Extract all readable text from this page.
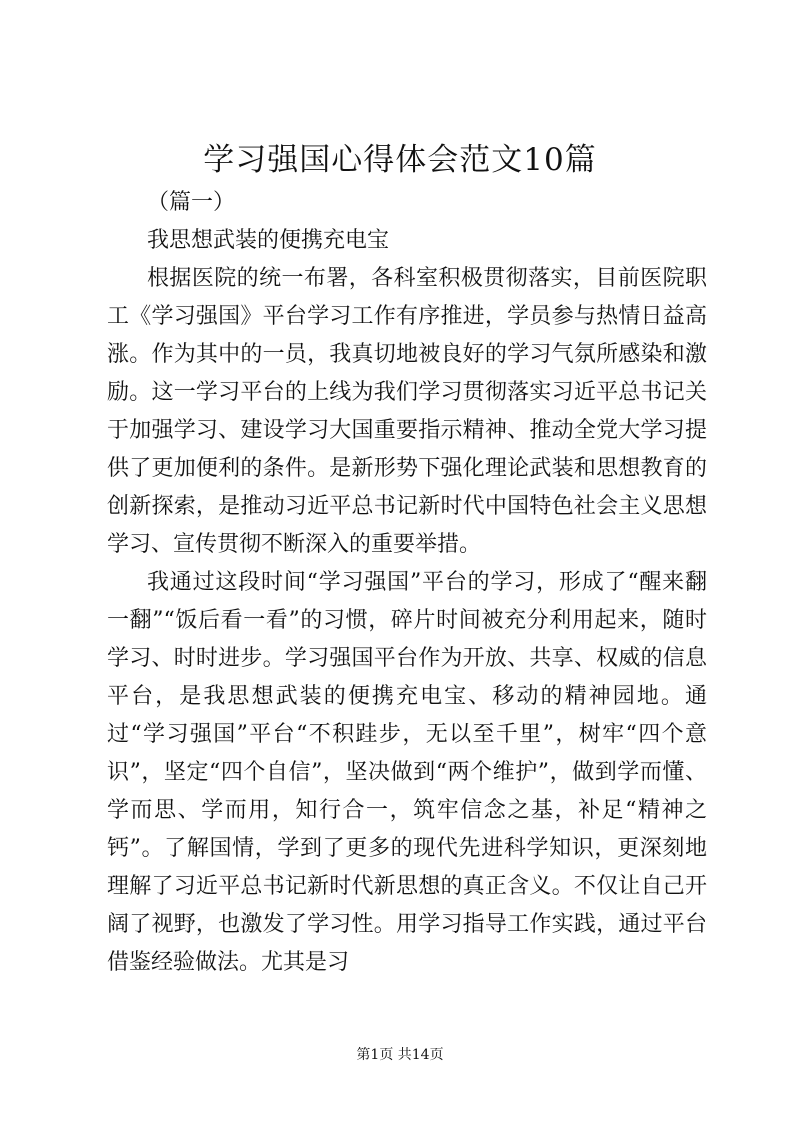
学习强国心得体会范文10篇

（篇一）

我思想武装的便携充电宝

根据医院的统一布署，各科室积极贯彻落实，目前医院职工《学习强国》平台学习工作有序推进，学员参与热情日益高涨。作为其中的一员，我真切地被良好的学习气氛所感染和激励。这一学习平台的上线为我们学习贯彻落实习近平总书记关于加强学习、建设学习大国重要指示精神、推动全党大学习提供了更加便利的条件。是新形势下强化理论武装和思想教育的创新探索，是推动习近平总书记新时代中国特色社会主义思想学习、宣传贯彻不断深入的重要举措。

我通过这段时间“学习强国”平台的学习，形成了“醒来翻一翻”“饭后看一看”的习惯，碎片时间被充分利用起来，随时学习、时时进步。学习强国平台作为开放、共享、权威的信息平台，是我思想武装的便携充电宝、移动的精神园地。通过“学习强国”平台“不积跬步，无以至千里”，树牢“四个意识”，坚定“四个自信”，坚决做到“两个维护”，做到学而懂、学而思、学而用，知行合一，筑牢信念之基，补足“精神之钙”。了解国情，学到了更多的现代先进科学知识，更深刻地理解了习近平总书记新时代新思想的真正含义。不仅让自己开阔了视野，也激发了学习性。用学习指导工作实践，通过平台借鉴经验做法。尤其是习

第1页 共14页
